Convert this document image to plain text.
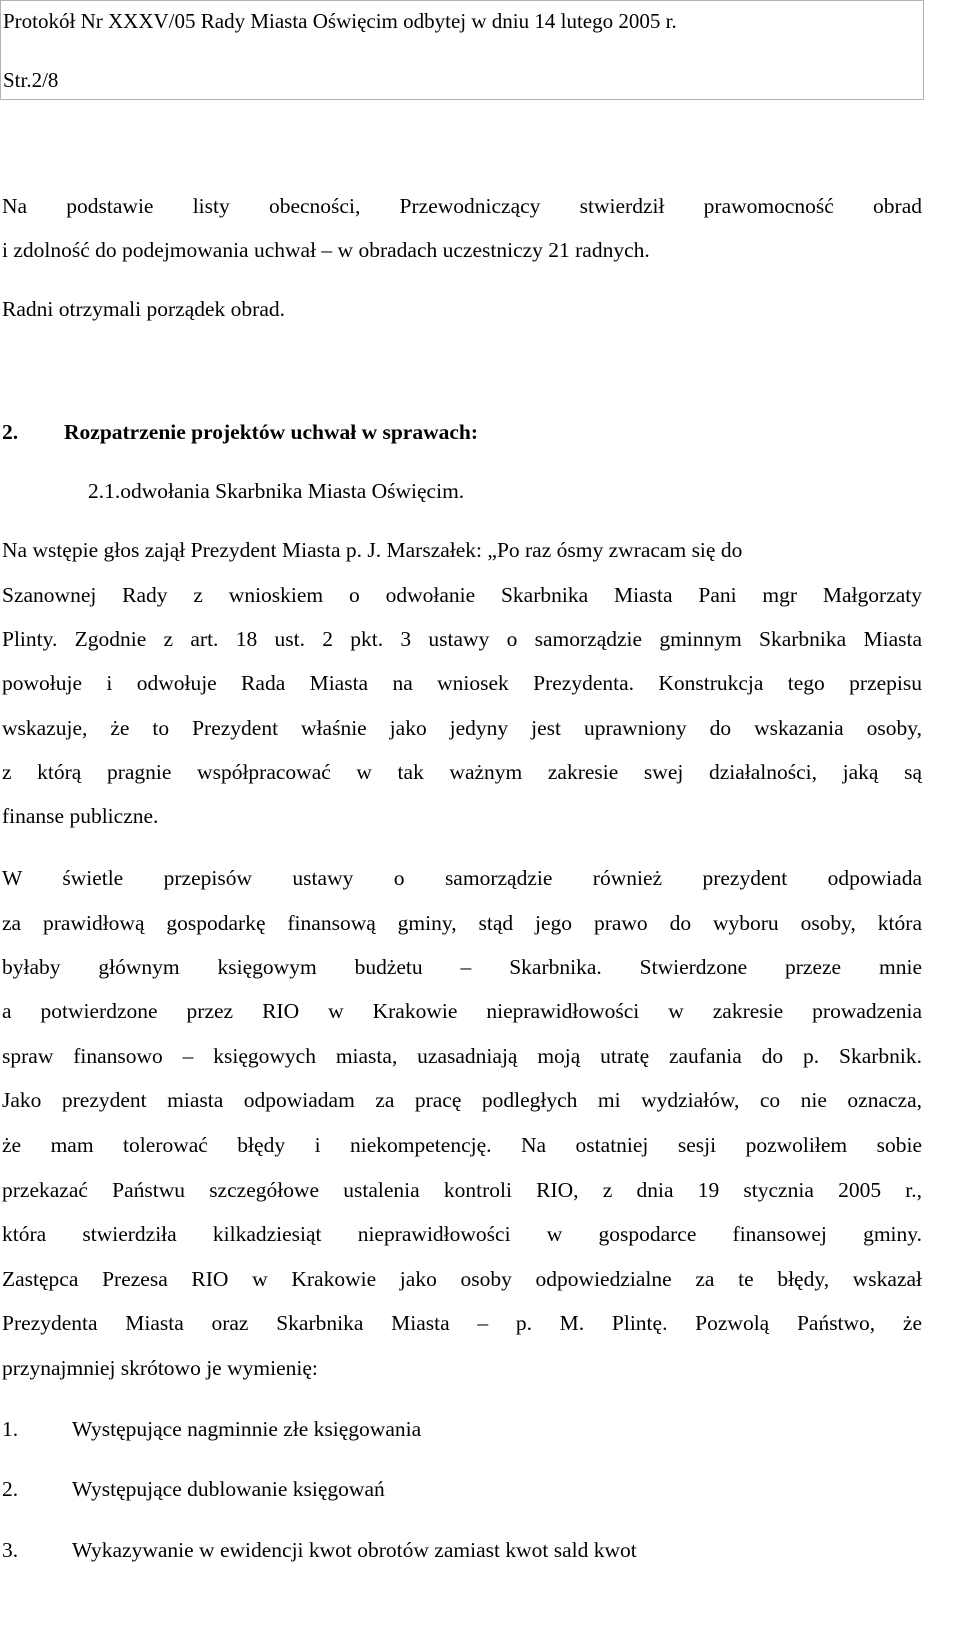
Protokół Nr XXXV/05 Rady Miasta Oświęcim odbytej w dniu 14 lutego 2005 r.
Str.2/8
Na podstawie listy obecności, Przewodniczący stwierdził prawomocność obrad
i zdolność do podejmowania uchwał – w obradach uczestniczy 21 radnych.
Radni otrzymali porządek obrad.
2. Rozpatrzenie projektów uchwał w sprawach:
2.1.odwołania Skarbnika Miasta Oświęcim.
Na wstępie głos zajął Prezydent Miasta p. J. Marszałek: „Po raz ósmy zwracam się do
Szanownej Rady z wnioskiem o odwołanie Skarbnika Miasta Pani mgr Małgorzaty
Plinty. Zgodnie z art. 18 ust. 2 pkt. 3 ustawy o samorządzie gminnym Skarbnika Miasta
powołuje i odwołuje Rada Miasta na wniosek Prezydenta. Konstrukcja tego przepisu
wskazuje, że to Prezydent właśnie jako jedyny jest uprawniony do wskazania osoby,
z którą pragnie współpracować w tak ważnym zakresie swej działalności, jaką są
finanse publiczne.
W świetle przepisów ustawy o samorządzie również prezydent odpowiada
za prawidłową gospodarkę finansową gminy, stąd jego prawo do wyboru osoby, która
byłaby głównym księgowym budżetu – Skarbnika. Stwierdzone przeze mnie
a potwierdzone przez RIO w Krakowie nieprawidłowości w zakresie prowadzenia
spraw finansowo – księgowych miasta, uzasadniają moją utratę zaufania do p. Skarbnik.
Jako prezydent miasta odpowiadam za pracę podległych mi wydziałów, co nie oznacza,
że mam tolerować błędy i niekompetencję. Na ostatniej sesji pozwoliłem sobie
przekazać Państwu szczegółowe ustalenia kontroli RIO, z dnia 19 stycznia 2005 r.,
która stwierdziła kilkadziesiąt nieprawidłowości w gospodarce finansowej gminy.
Zastępca Prezesa RIO w Krakowie jako osoby odpowiedzialne za te błędy, wskazał
Prezydenta Miasta oraz Skarbnika Miasta – p. M. Plintę. Pozwolą Państwo, że
przynajmniej skrótowo je wymienię:
1.	Występujące nagminnie złe księgowania
2.	Występujące dublowanie księgowań
3.	Wykazywanie w ewidencji kwot obrotów zamiast kwot sald kwot
